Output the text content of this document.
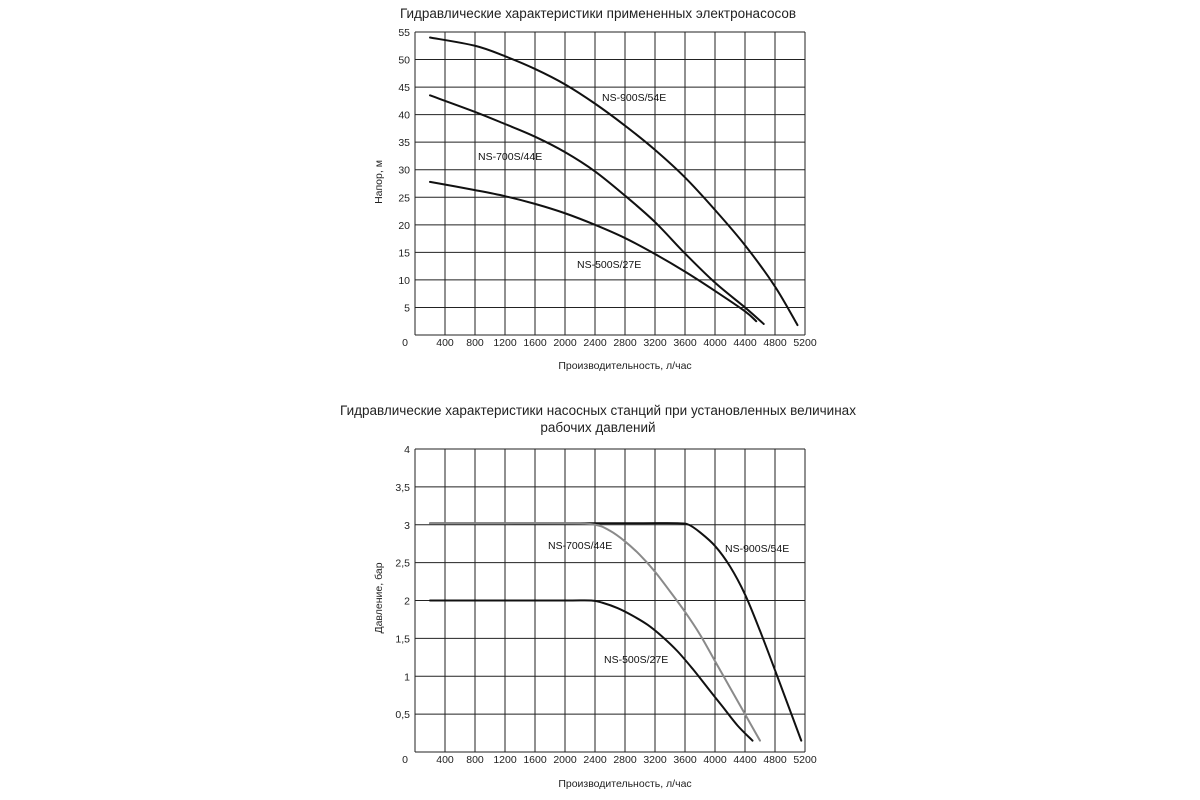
Гидравлические характеристики примененных электронасосов
400 800 1200 1600 2000 2400 2800 3200 3600 4000 4400 4800 5200
5
10
15
20
25
30
35
40
45
50
55
0
Производительность, л/час
Напор, м
NS-900S/54E
NS-700S/44E
NS-500S/27E
Гидравлические характеристики насосных станций при установленных величинах
рабочих давлений
400 800 1200 1600 2000 2400 2800 3200 3600 4000 4400 4800 5200
0,5
1
1,5
2
2,5
3
3,5
4
0
Производительность, л/час
Давление, бар
NS-900S/54E
NS-700S/44E
NS-500S/27E
